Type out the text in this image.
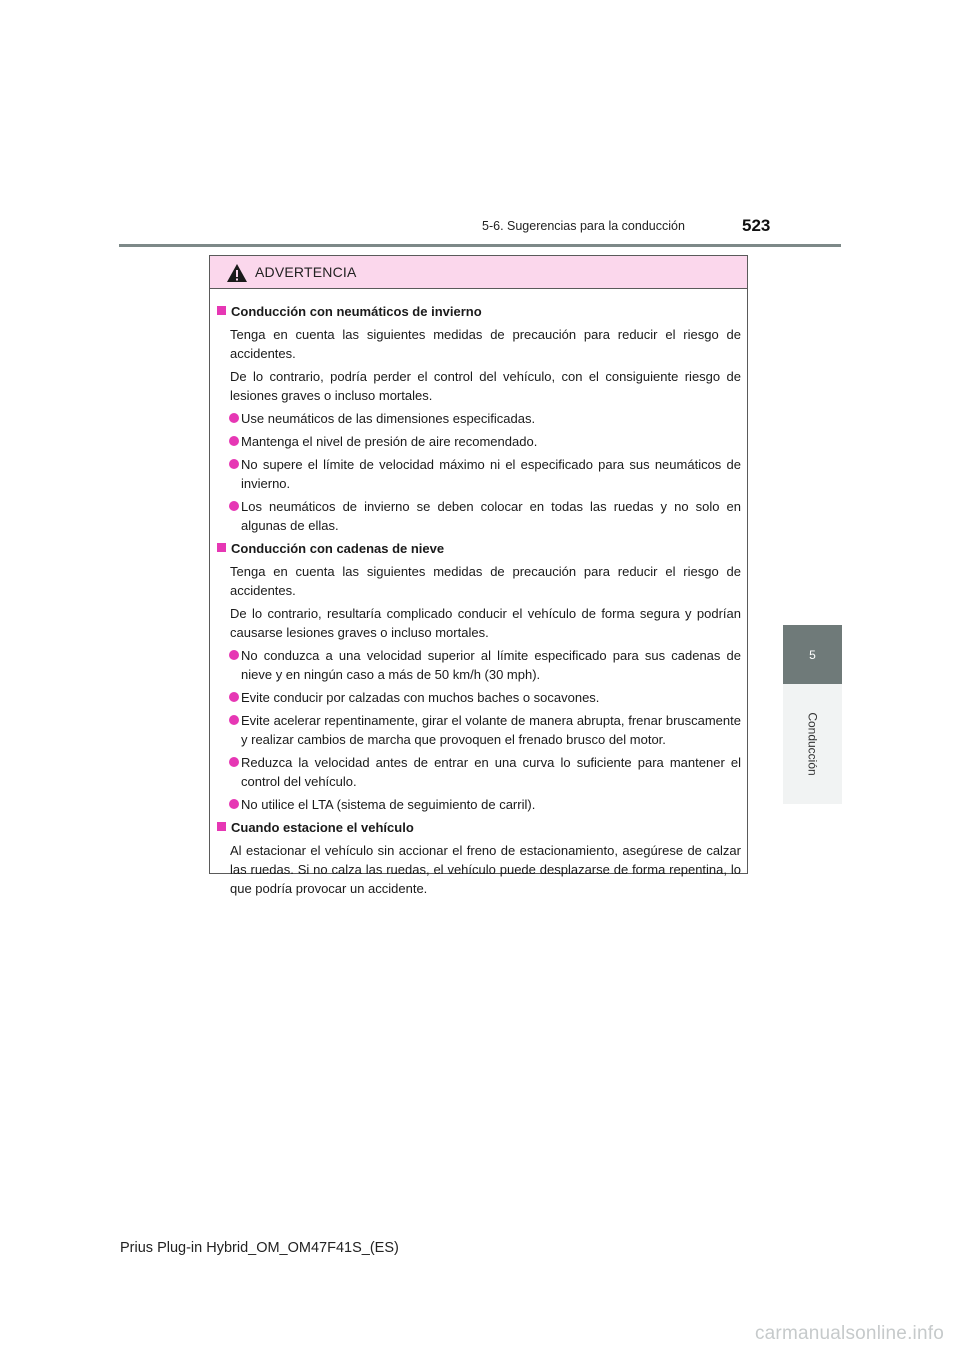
5-6. Sugerencias para la conducción	523
5
Conducción
ADVERTENCIA
Conducción con neumáticos de invierno
Tenga en cuenta las siguientes medidas de precaución para reducir el riesgo de accidentes.
De lo contrario, podría perder el control del vehículo, con el consiguiente riesgo de lesiones graves o incluso mortales.
Use neumáticos de las dimensiones especificadas.
Mantenga el nivel de presión de aire recomendado.
No supere el límite de velocidad máximo ni el especificado para sus neumáticos de invierno.
Los neumáticos de invierno se deben colocar en todas las ruedas y no solo en algunas de ellas.
Conducción con cadenas de nieve
Tenga en cuenta las siguientes medidas de precaución para reducir el riesgo de accidentes.
De lo contrario, resultaría complicado conducir el vehículo de forma segura y podrían causarse lesiones graves o incluso mortales.
No conduzca a una velocidad superior al límite especificado para sus cadenas de nieve y en ningún caso a más de 50 km/h (30 mph).
Evite conducir por calzadas con muchos baches o socavones.
Evite acelerar repentinamente, girar el volante de manera abrupta, frenar bruscamente y realizar cambios de marcha que provoquen el frenado brusco del motor.
Reduzca la velocidad antes de entrar en una curva lo suficiente para mantener el control del vehículo.
No utilice el LTA (sistema de seguimiento de carril).
Cuando estacione el vehículo
Al estacionar el vehículo sin accionar el freno de estacionamiento, asegúrese de calzar las ruedas. Si no calza las ruedas, el vehículo puede desplazarse de forma repentina, lo que podría provocar un accidente.
Prius Plug-in Hybrid_OM_OM47F41S_(ES)
carmanualsonline.info
